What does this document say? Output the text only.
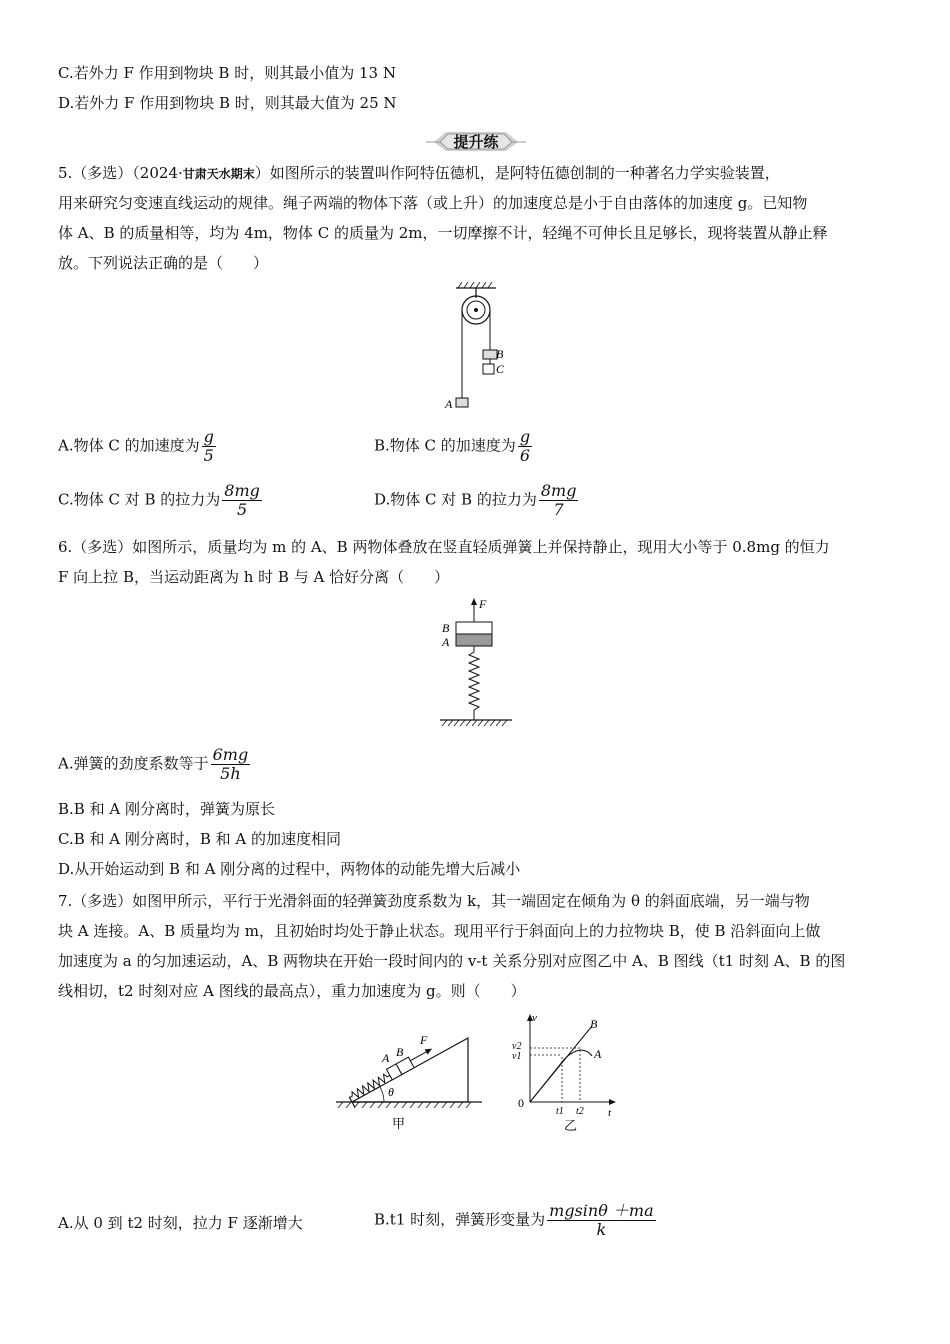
C.若外力 F 作用到物块 B 时，则其最小值为 13 N
D.若外力 F 作用到物块 B 时，则其最大值为 25 N
提升练
5.（多选）（2024·甘肃天水期末）如图所示的装置叫作阿特伍德机，是阿特伍德创制的一种著名力学实验装置，
用来研究匀变速直线运动的规律。绳子两端的物体下落（或上升）的加速度总是小于自由落体的加速度 g。已知物
体 A、B 的质量相等，均为 4m，物体 C 的质量为 2m，一切摩擦不计，轻绳不可伸长且足够长，现将装置从静止释
放。下列说法正确的是（　　）
B
C
A
A.物体 C 的加速度为 $\frac{g}{5}$	B.物体 C 的加速度为 $\frac{g}{6}$
C.物体 C 对 B 的拉力为 $\frac{8mg}{5}$	D.物体 C 对 B 的拉力为 $\frac{8mg}{7}$
6.（多选）如图所示，质量均为 m 的 A、B 两物体叠放在竖直轻质弹簧上并保持静止，现用大小等于 0.8mg 的恒力
F 向上拉 B，当运动距离为 h 时 B 与 A 恰好分离（　　）
F
B
A
A.弹簧的劲度系数等于 $\frac{6mg}{5h}$
B.B 和 A 刚分离时，弹簧为原长
C.B 和 A 刚分离时，B 和 A 的加速度相同
D.从开始运动到 B 和 A 刚分离的过程中，两物体的动能先增大后减小
7.（多选）如图甲所示，平行于光滑斜面的轻弹簧劲度系数为 k，其一端固定在倾角为 θ 的斜面底端，另一端与物
块 A 连接。A、B 质量均为 m，且初始时均处于静止状态。现用平行于斜面向上的力拉物块 B，使 B 沿斜面向上做
加速度为 a 的匀加速运动，A、B 两物块在开始一段时间内的 v-t 关系分别对应图乙中 A、B 图线（t1 时刻 A、B 的图
线相切，t2 时刻对应 A 图线的最高点），重力加速度为 g。则（　　）
θ
A B
F
甲
v
t
0
v2
v1
t1 t2
B
A
乙
A.从 0 到 t2 时刻，拉力 F 逐渐增大	B.t1 时刻，弹簧形变量为 $\frac{mgsin\theta +ma}{k}$
